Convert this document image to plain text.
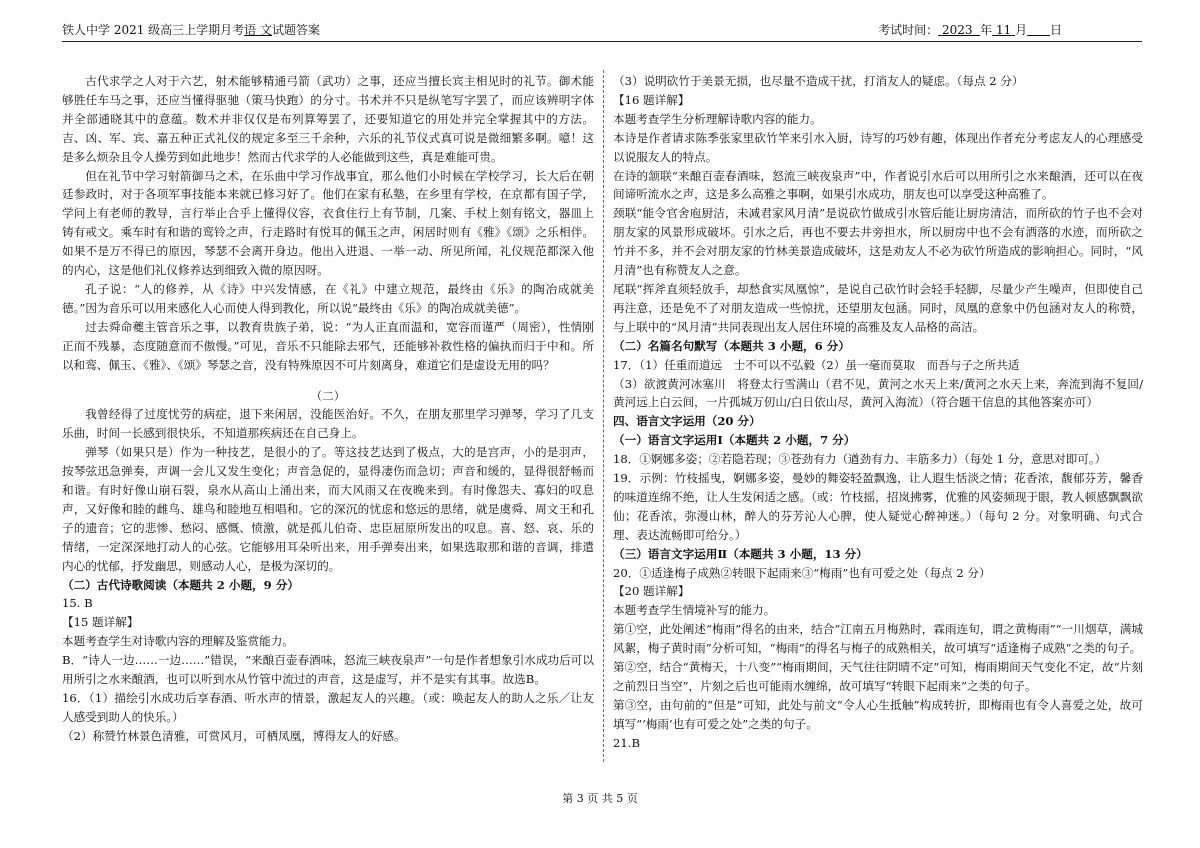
铁人中学 2021 级高三上学期月考语 文试题答案	考试时间： 2023 年 11 月 日

古代求学之人对于六艺，射术能够精通弓箭（武功）之事，还应当擅长宾主相见时的礼节。御术能够胜任车马之事，还应当懂得驱驰（策马快跑）的分寸。书术并不只是纵笔写字罢了，而应该辨明字体并全部通晓其中的意蕴。数术并非仅仅是布列算筹罢了，还要知道它的用处并完全掌握其中的方法。吉、凶、军、宾、嘉五种正式礼仪的规定多至三千余种，六乐的礼节仪式真可说是微细繁多啊。噫！这是多么烦杂且令人操劳到如此地步！然而古代求学的人必能做到这些，真是难能可贵。

但在礼节中学习射箭御马之术，在乐曲中学习作战事宜，那么他们小时候在学校学习，长大后在朝廷参政时，对于各项军事技能本来就已修习好了。他们在家有私塾，在乡里有学校，在京都有国子学，学问上有老师的教导，言行举止合乎上懂得仪容，衣食住行上有节制，几案、手杖上刻有铭文，器皿上铸有戒文。乘车时有和谐的鸾铃之声，行走路时有悦耳的佩玉之声，闲居时则有《雅》《颂》之乐相伴。如果不是万不得已的原因，琴瑟不会离开身边。他出入进退、一举一动、所见所闻，礼仪规范都深入他的内心，这是他们礼仪修养达到细致入微的原因呀。

孔子说：“人的修养，从《诗》中兴发情感，在《礼》中建立规范，最终由《乐》的陶冶成就美德。”因为音乐可以用来感化人心而使人得到教化，所以说“最终由《乐》的陶冶成就美德”。

过去舜命夔主管音乐之事，以教育贵族子弟，说：“为人正直而温和，宽容而谨严（周密），性情刚正而不残暴，态度随意而不傲慢。”可见，音乐不只能除去邪气，还能够补救性格的偏执而归于中和。所以和鸾、佩玉、《雅》、《颂》琴瑟之音，没有特殊原因不可片刻离身，难道它们是虚设无用的吗？

（二）

我曾经得了过度忧劳的病症，退下来闲居，没能医治好。不久，在朋友那里学习弹琴，学习了几支乐曲，时间一长感到很快乐，不知道那疾病还在自己身上。

弹琴（如果只是）作为一种技艺，是很小的了。等这技艺达到了极点，大的是宫声，小的是羽声，按琴弦迅急弹奏，声调一会儿又发生变化；声音急促的，显得凄伤而急切；声音和缓的，显得很舒畅而和谐。有时好像山崩石裂，泉水从高山上涌出来，而大风雨又在夜晚来到。有时像怨夫、寡妇的叹息声，又好像和睦的雌鸟、雄鸟和睦地互相唱和。它的深沉的忧虑和悠远的思绪，就是虞舜、周文王和孔子的遗音；它的悲惨、愁闷、感慨、愤激，就是孤儿伯奇、忠臣屈原所发出的叹息。喜、怒、哀、乐的情绪，一定深深地打动人的心弦。它能够用耳朵听出来，用手弹奏出来，如果选取那和谐的音调，排遣内心的忧郁，抒发幽思，则感动人心，是极为深切的。

（二）古代诗歌阅读（本题共 2 小题，9 分）

15. B

【15 题详解】

本题考查学生对诗歌内容的理解及鉴赏能力。

B．“诗人一边……一边……”错误，“来酿百壶春酒味，怒流三峡夜泉声”一句是作者想象引水成功后可以用所引之水来酿酒，也可以听到水从竹管中流过的声音，这是虚写，并不是实有其事。故选B。

16．（1）描绘引水成功后享春酒、听水声的情景，激起友人的兴趣。（或：唤起友人的助人之乐／让友人感受到助人的快乐。）

（2）称赞竹林景色清雅，可赏风月，可栖凤凰，博得友人的好感。

（3）说明砍竹于美景无损，也尽量不造成干扰，打消友人的疑虑。（每点 2 分）

【16 题详解】

本题考查学生分析理解诗歌内容的能力。

本诗是作者请求陈季张家里砍竹竿来引水入厨，诗写的巧妙有趣，体现出作者充分考虑友人的心理感受以说服友人的特点。

在诗的颔联“来酿百壶春酒味，怒流三峡夜泉声”中，作者说引水后可以用所引之水来酿酒，还可以在夜间谛听流水之声，这是多么高雅之事啊，如果引水成功，朋友也可以享受这种高雅了。

颈联“能令官舍庖厨洁，未减君家风月清”是说砍竹做成引水管后能让厨房清洁，而所砍的竹子也不会对朋友家的风景形成破坏。引水之后，再也不要去井旁担水，所以厨房中也不会有洒落的水迹，而所砍之竹并不多，并不会对朋友家的竹林美景造成破坏，这是劝友人不必为砍竹所造成的影响担心。同时，“风月清”也有称赞友人之意。

尾联“挥斧直须轻放手，却愁食实凤凰惊”，是说自己砍竹时会轻手轻脚，尽量少产生噪声，但即使自己再注意，还是免不了对朋友造成一些惊扰，还望朋友包涵。同时，凤凰的意象中仍包涵对友人的称赞，与上联中的“风月清”共同表现出友人居住环境的高雅及友人品格的高洁。

（二）名篇名句默写（本题共 3 小题，6 分）

17．（1）任重而道远　士不可以不弘毅（2）虽一毫而莫取　而吾与子之所共适

（3）欲渡黄河冰塞川　将登太行雪满山（君不见，黄河之水天上来/黄河之水天上来，奔流到海不复回/黄河远上白云间，一片孤城万仞山/白日依山尽，黄河入海流）（符合题干信息的其他答案亦可）

四、语言文字运用（20 分）

（一）语言文字运用Ⅰ（本题共 2 小题，7 分）

18．①婀娜多姿；②若隐若现；③苍劲有力（遒劲有力、丰筋多力）（每处 1 分，意思对即可。）

19．示例：竹枝摇曳，婀娜多姿，曼妙的舞姿轻盈飘逸，让人遐生恬淡之情；花香浓，馥郁芬芳，馨香的味道连绵不绝，让人生发闲适之感。（或：竹枝摇，招岚拂雾，优雅的风姿频现于眼，教人顿感飘飘欲仙；花香浓，弥漫山林，醉人的芬芳沁人心脾，使人疑觉心醉神迷。）（每句 2 分。对象明确、句式合理、表达流畅即可给分。）

（三）语言文字运用Ⅱ（本题共 3 小题，13 分）

20．①适逢梅子成熟②转眼下起雨来③“梅雨”也有可爱之处（每点 2 分）

【20 题详解】

本题考查学生情境补写的能力。

第①空，此处阐述“梅雨”得名的由来，结合“江南五月梅熟时，霖雨连旬，谓之黄梅雨”“一川烟草，满城风絮，梅子黄时雨”分析可知，“梅雨”的得名与梅子的成熟相关，故可填写“适逢梅子成熟”之类的句子。

第②空，结合“黄梅天，十八变”“梅雨期间，天气往往阴晴不定”可知，梅雨期间天气变化不定，故“片刻之前烈日当空”，片刻之后也可能雨水缠绵，故可填写“转眼下起雨来”之类的句子。

第③空，由句前的“但是”可知，此处与前文“令人心生抵触”构成转折，即梅雨也有令人喜爱之处，故可填写“‘梅雨’也有可爱之处”之类的句子。

21.B

第 3 页 共 5 页
